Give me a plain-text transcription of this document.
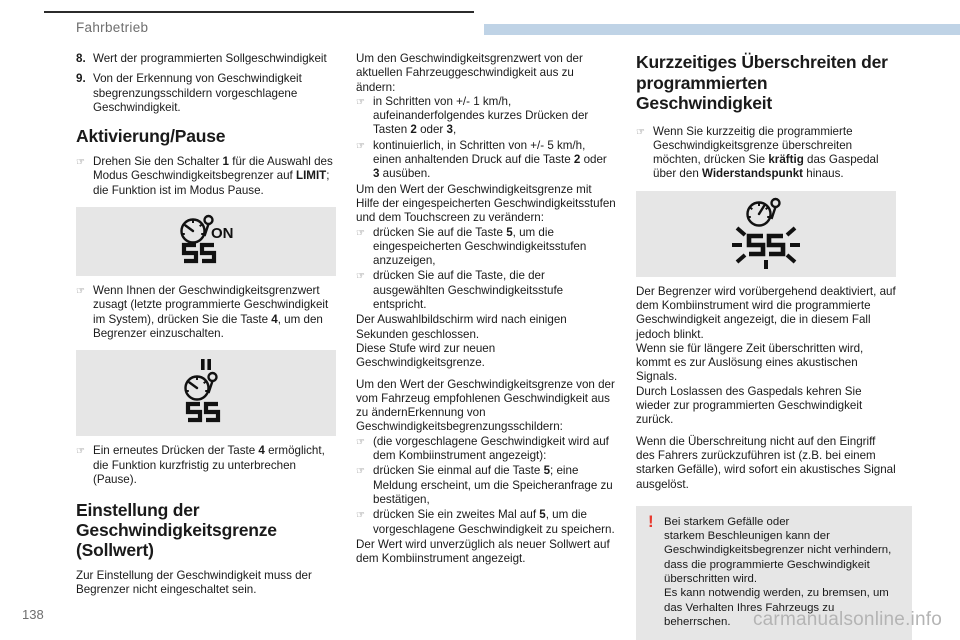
Fahrbetrieb
8. Wert der programmierten Sollgeschwindigkeit
9. Von der Erkennung von Geschwindigkeit sbegrenzungsschildern vorgeschlagene Geschwindigkeit.
Aktivierung/Pause
☞ Drehen Sie den Schalter 1 für die Auswahl des Modus Geschwindigkeitsbegrenzer auf LIMIT; die Funktion ist im Modus Pause.
ON
☞ Wenn Ihnen der Geschwindigkeitsgrenzwert zusagt (letzte programmierte Geschwindigkeit im System), drücken Sie die Taste 4, um den Begrenzer einzuschalten.
☞ Ein erneutes Drücken der Taste 4 ermöglicht, die Funktion kurzfristig zu unterbrechen (Pause).
Einstellung der Geschwindigkeitsgrenze (Sollwert)

Zur Einstellung der Geschwindigkeit muss der Begrenzer nicht eingeschaltet sein.

Um den Geschwindigkeitsgrenzwert von der aktuellen Fahrzeuggeschwindigkeit aus zu ändern:

☞ in Schritten von +/- 1 km/h, aufeinanderfolgendes kurzes Drücken der Tasten 2 oder 3,
☞ kontinuierlich, in Schritten von +/- 5 km/h, einen anhaltenden Druck auf die Taste 2 oder 3 ausüben.

Um den Wert der Geschwindigkeitsgrenze mit Hilfe der eingespeicherten Geschwindigkeitsstufen und dem Touchscreen zu verändern:

☞ drücken Sie auf die Taste 5, um die eingespeicherten Geschwindigkeitsstufen anzuzeigen,
☞ drücken Sie auf die Taste, die der ausgewählten Geschwindigkeitsstufe entspricht.

Der Auswahlbildschirm wird nach einigen Sekunden geschlossen.

Diese Stufe wird zur neuen Geschwindigkeitsgrenze.

Um den Wert der Geschwindigkeitsgrenze von der vom Fahrzeug empfohlenen Geschwindigkeit aus zu ändernErkennung von Geschwindigkeitsbegrenzungsschildern:

☞ (die vorgeschlagene Geschwindigkeit wird auf dem Kombiinstrument angezeigt):
☞ drücken Sie einmal auf die Taste 5; eine Meldung erscheint, um die Speicheranfrage zu bestätigen,
☞ drücken Sie ein zweites Mal auf 5, um die vorgeschlagene Geschwindigkeit zu speichern.

Der Wert wird unverzüglich als neuer Sollwert auf dem Kombiinstrument angezeigt.

Kurzzeitiges Überschreiten der programmierten Geschwindigkeit
☞ Wenn Sie kurzzeitig die programmierte Geschwindigkeitsgrenze überschreiten möchten, drücken Sie kräftig das Gaspedal über den Widerstandspunkt hinaus.

Der Begrenzer wird vorübergehend deaktiviert, auf dem Kombiinstrument wird die programmierte Geschwindigkeit angezeigt, die in diesem Fall jedoch blinkt.

Wenn sie für längere Zeit überschritten wird, kommt es zur Auslösung eines akustischen Signals.

Durch Loslassen des Gaspedals kehren Sie wieder zur programmierten Geschwindigkeit zurück.

Wenn die Überschreitung nicht auf den Eingriff des Fahrers zurückzuführen ist (z.B. bei einem starken Gefälle), wird sofort ein akustisches Signal ausgelöst.

! Bei starkem Gefälle oder
starkem Beschleunigen kann der Geschwindigkeitsbegrenzer nicht verhindern, dass die programmierte Geschwindigkeit überschritten wird.
Es kann notwendig werden, zu bremsen, um das Verhalten Ihres Fahrzeugs zu beherrschen.
138	carmanualsonline.info
